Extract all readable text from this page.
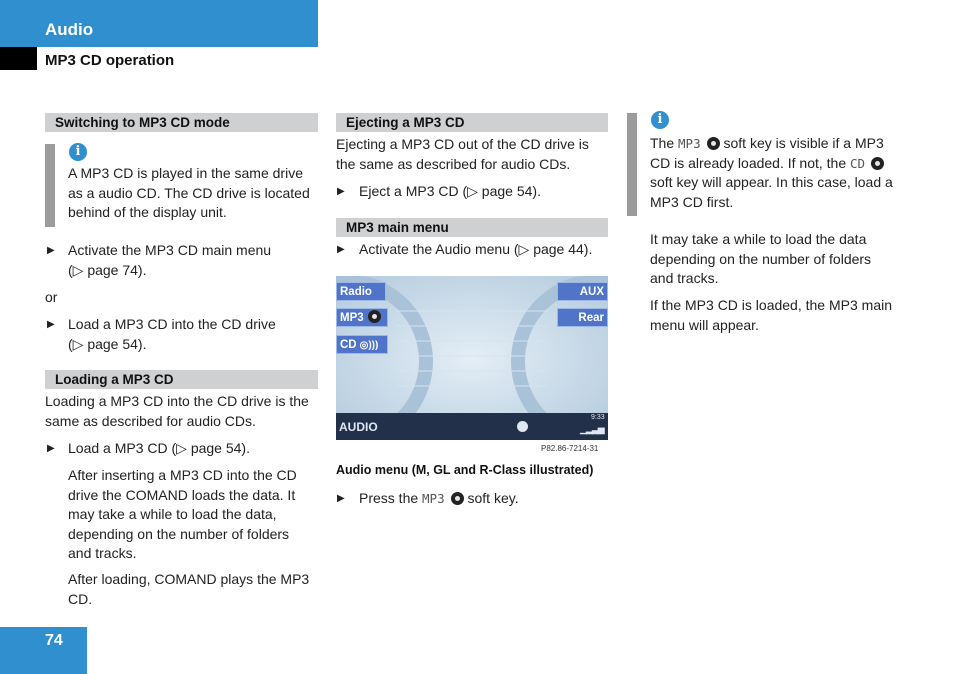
Audio
MP3 CD operation
Switching to MP3 CD mode
i
A MP3 CD is played in the same drive
as a audio CD. The CD drive is located
behind of the display unit.
▶ Activate the MP3 CD main menu
(▷ page 74).
or
▶ Load a MP3 CD into the CD drive
(▷ page 54).
Loading a MP3 CD
Loading a MP3 CD into the CD drive is the
same as described for audio CDs.
▶ Load a MP3 CD (▷ page 54).
After inserting a MP3 CD into the CD
drive the COMAND loads the data. It
may take a while to load the data,
depending on the number of folders
and tracks.
After loading, COMAND plays the MP3
CD.
Ejecting a MP3 CD
Ejecting a MP3 CD out of the CD drive is
the same as described for audio CDs.
▶ Eject a MP3 CD (▷ page 54).
MP3 main menu
▶ Activate the Audio menu (▷ page 44).
Radio
MP3
CD ◎)))
AUX
Rear
AUDIO
9:33
▁▂▃▅
P82.86-7214-31
Audio menu (M, GL and R-Class illustrated)
▶ Press the MP3 soft key.
i
The MP3 soft key is visible if a MP3
CD is already loaded. If not, the CD
soft key will appear. In this case, load a
MP3 CD first.
It may take a while to load the data
depending on the number of folders
and tracks.
If the MP3 CD is loaded, the MP3 main
menu will appear.
74
